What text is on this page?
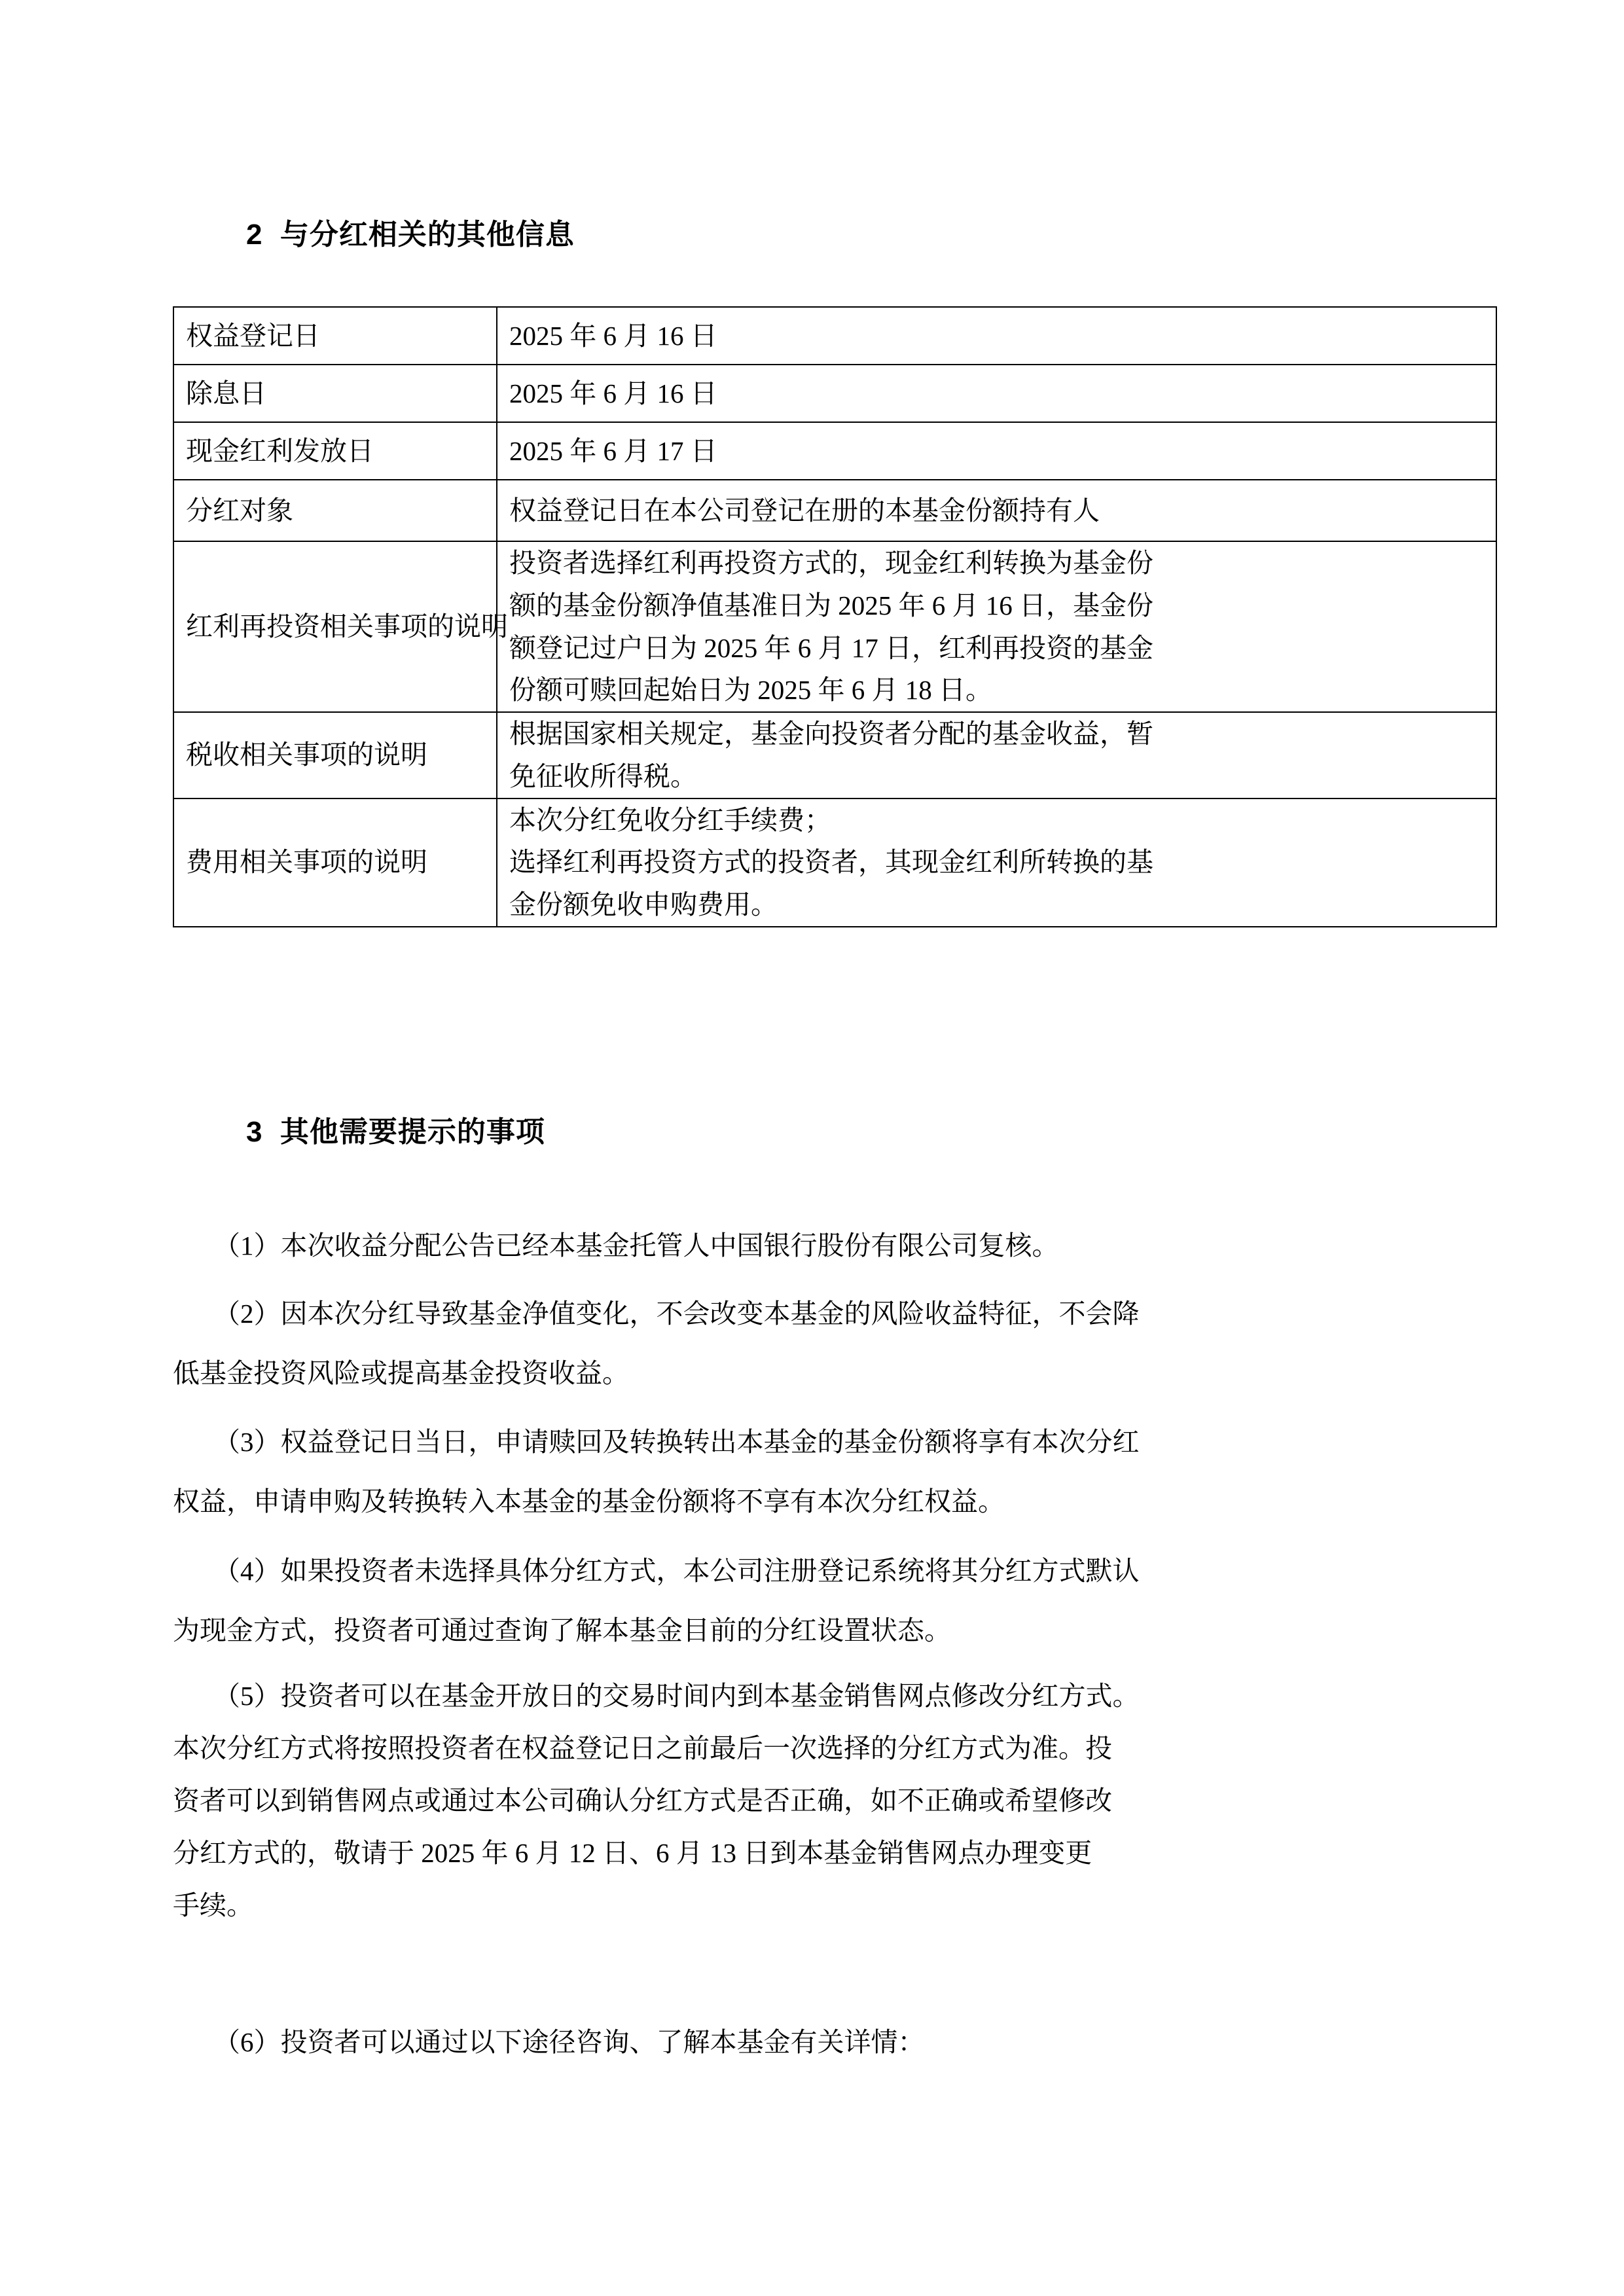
2  与分红相关的其他信息
权益登记日	2025 年 6 月 16 日
除息日	2025 年 6 月 16 日
现金红利发放日	2025 年 6 月 17 日
分红对象	权益登记日在本公司登记在册的本基金份额持有人
红利再投资相关事项的说明	投资者选择红利再投资方式的，现金红利转换为基金份
额的基金份额净值基准日为 2025 年 6 月 16 日，基金份
额登记过户日为 2025 年 6 月 17 日，红利再投资的基金
份额可赎回起始日为 2025 年 6 月 18 日。

税收相关事项的说明	根据国家相关规定，基金向投资者分配的基金收益，暂
免征收所得税。

费用相关事项的说明	本次分红免收分红手续费；
选择红利再投资方式的投资者，其现金红利所转换的基
金份额免收申购费用。
3  其他需要提示的事项

（1）本次收益分配公告已经本基金托管人中国银行股份有限公司复核。

（2）因本次分红导致基金净值变化，不会改变本基金的风险收益特征，不会降
低基金投资风险或提高基金投资收益。

（3）权益登记日当日，申请赎回及转换转出本基金的基金份额将享有本次分红
权益，申请申购及转换转入本基金的基金份额将不享有本次分红权益。

（4）如果投资者未选择具体分红方式，本公司注册登记系统将其分红方式默认
为现金方式，投资者可通过查询了解本基金目前的分红设置状态。

（5）投资者可以在基金开放日的交易时间内到本基金销售网点修改分红方式。
本次分红方式将按照投资者在权益登记日之前最后一次选择的分红方式为准。投
资者可以到销售网点或通过本公司确认分红方式是否正确，如不正确或希望修改
分红方式的，敬请于 2025 年 6 月 12 日、6 月 13 日到本基金销售网点办理变更
手续。

（6）投资者可以通过以下途径咨询、了解本基金有关详情：
